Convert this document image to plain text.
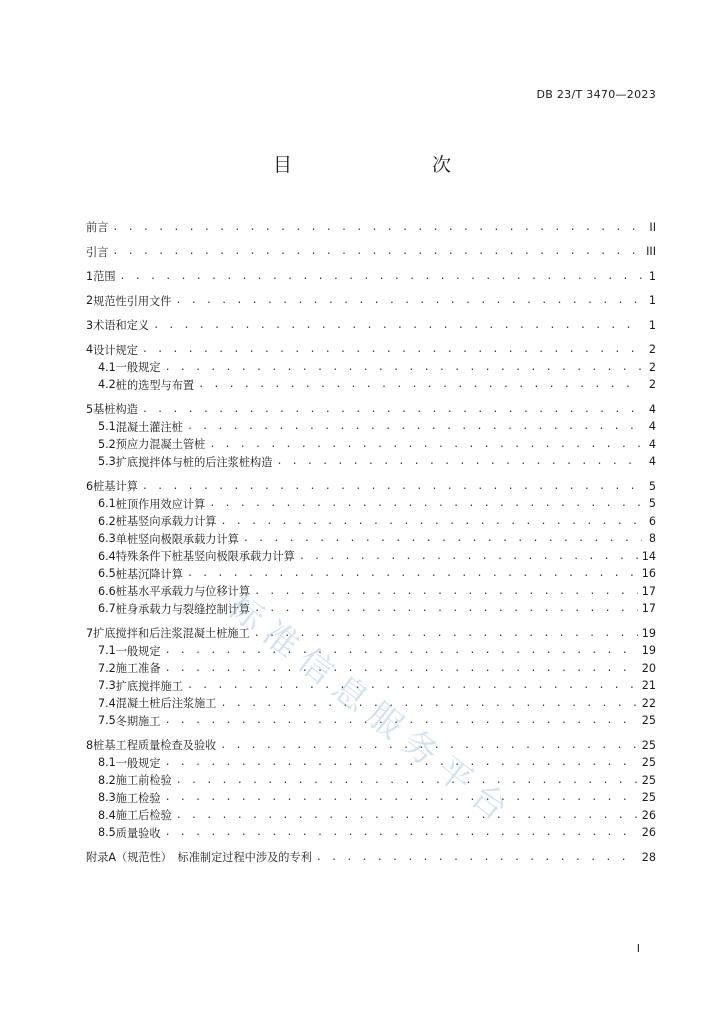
DB 23/T 3470—2023
目　　次
前言 . . .	II
引言 . . .	III
1 范围 . . .	1
2 规范性引用文件 . . .	1
3 术语和定义 . . .	1
4 设计规定 . . .	2
4.1 一般规定 . . .	2
4.2 桩的选型与布置 . . .	2
5 基桩构造 . . .	4
5.1 混凝土灌注桩 . . .	4
5.2 预应力混凝土管桩 . . .	4
5.3 扩底搅拌体与桩的后注浆桩构造 . . .	4
6 桩基计算 . . .	5
6.1 桩顶作用效应计算 . . .	5
6.2 桩基竖向承载力计算 . . .	6
6.3 单桩竖向极限承载力计算 . . .	8
6.4 特殊条件下桩基竖向极限承载力计算 . . .	14
6.5 桩基沉降计算 . . .	16
6.6 桩基水平承载力与位移计算 . . .	17
6.7 桩身承载力与裂缝控制计算 . . .	17
7 扩底搅拌和后注浆混凝土桩施工 . . .	19
7.1 一般规定 . . .	19
7.2 施工准备 . . .	20
7.3 扩底搅拌施工 . . .	21
7.4 混凝土桩后注浆施工 . . .	22
7.5 冬期施工 . . .	25
8 桩基工程质量检查及验收 . . .	25
8.1 一般规定 . . .	25
8.2 施工前检验 . . .	25
8.3 施工检验 . . .	25
8.4 施工后检验 . . .	26
8.5 质量验收 . . .	26
附录A（规范性）　标准制定过程中涉及的专利 . . .	28
标准信息服务平台
I
